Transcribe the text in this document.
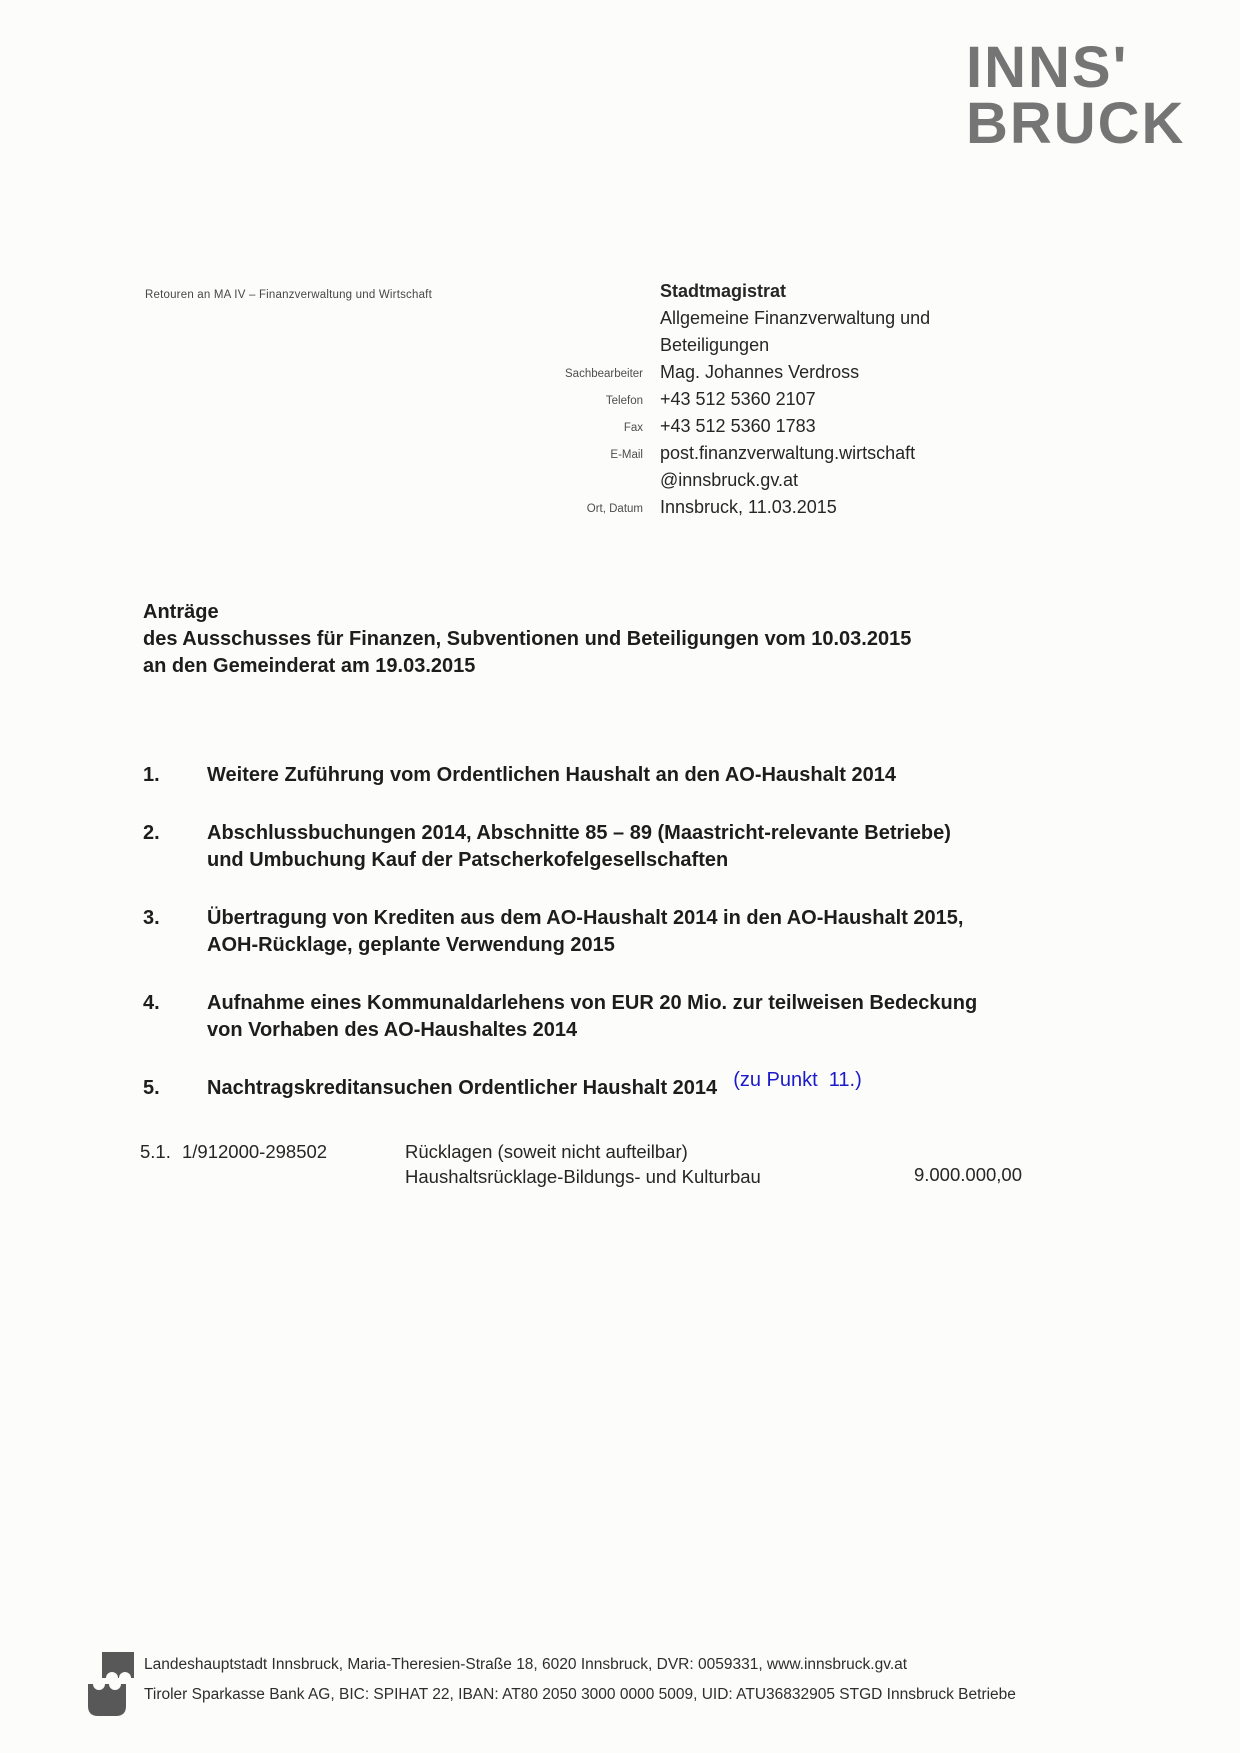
INNS'
BRUCK
Retouren an MA IV – Finanzverwaltung und Wirtschaft	Stadtmagistrat
Allgemeine Finanzverwaltung und
Beteiligungen
Sachbearbeiter Mag. Johannes Verdross
Telefon +43 512 5360 2107
Fax +43 512 5360 1783
E-Mail post.finanzverwaltung.wirtschaft
@innsbruck.gv.at
Ort, Datum Innsbruck, 11.03.2015
Anträge
des Ausschusses für Finanzen, Subventionen und Beteiligungen vom 10.03.2015
an den Gemeinderat am 19.03.2015
1.	Weitere Zuführung vom Ordentlichen Haushalt an den AO-Haushalt 2014
2.	Abschlussbuchungen 2014, Abschnitte 85 – 89 (Maastricht-relevante Betriebe)
und Umbuchung Kauf der Patscherkofelgesellschaften
3.	Übertragung von Krediten aus dem AO-Haushalt 2014 in den AO-Haushalt 2015,
AOH-Rücklage, geplante Verwendung 2015
4.	Aufnahme eines Kommunaldarlehens von EUR 20 Mio. zur teilweisen Bedeckung
von Vorhaben des AO-Haushaltes 2014
5.	Nachtragskreditansuchen Ordentlicher Haushalt 2014 (zu Punkt  11.)
5.1. 1/912000-298502	Rücklagen (soweit nicht aufteilbar)
Haushaltsrücklage-Bildungs- und Kulturbau	9.000.000,00
Landeshauptstadt Innsbruck, Maria-Theresien-Straße 18, 6020 Innsbruck, DVR: 0059331, www.innsbruck.gv.at
Tiroler Sparkasse Bank AG, BIC: SPIHAT 22, IBAN: AT80 2050 3000 0000 5009, UID: ATU36832905 STGD Innsbruck Betriebe
